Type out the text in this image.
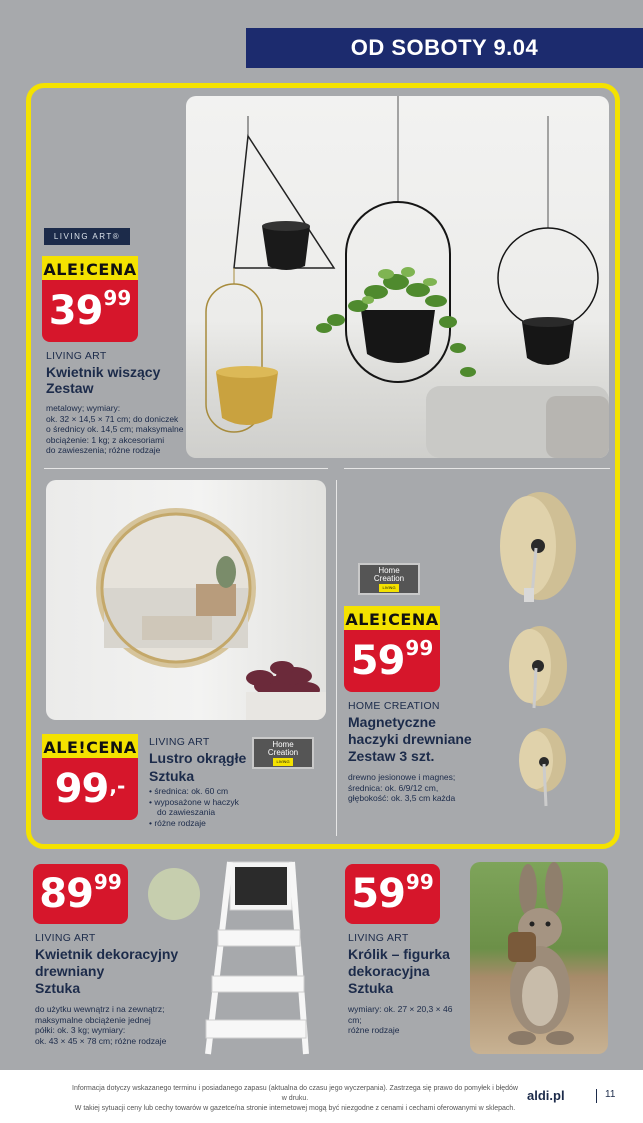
OD SOBOTY 9.04
LIVING ART®
ALE!CENA
39 99
LIVING ART
Kwietnik wiszący
Zestaw
metalowy; wymiary:
ok. 32 × 14,5 × 71 cm; do doniczek
o średnicy ok. 14,5 cm; maksymalne
obciążenie: 1 kg; z akcesoriami
do zawieszenia; różne rodzaje
ALE!CENA
99 ,-
LIVING ART
Lustro okrągłe
Sztuka
Home
Creation
LIVING
• średnica: ok. 60 cm
• wyposażone w haczyk
do zawieszania
• różne rodzaje
Home
Creation
LIVING
ALE!CENA
59 99
HOME CREATION
Magnetyczne
haczyki drewniane
Zestaw 3 szt.
drewno jesionowe i magnes;
średnica: ok. 6/9/12 cm,
głębokość: ok. 3,5 cm każda
89 99
LIVING ART
Kwietnik dekoracyjny
drewniany
Sztuka
do użytku wewnątrz i na zewnątrz;
maksymalne obciążenie jednej
półki: ok. 3 kg; wymiary:
ok. 43 × 45 × 78 cm; różne rodzaje
59 99
LIVING ART
Królik – figurka
dekoracyjna
Sztuka
wymiary: ok. 27 × 20,3 × 46 cm;
różne rodzaje
Informacja dotyczy wskazanego terminu i posiadanego zapasu (aktualna do czasu jego wyczerpania). Zastrzega się prawo do pomyłek i błędów w druku.
W takiej sytuacji ceny lub cechy towarów w gazetce/na stronie internetowej mogą być niezgodne z cenami i cechami oferowanymi w sklepach.
aldi.pl	11
